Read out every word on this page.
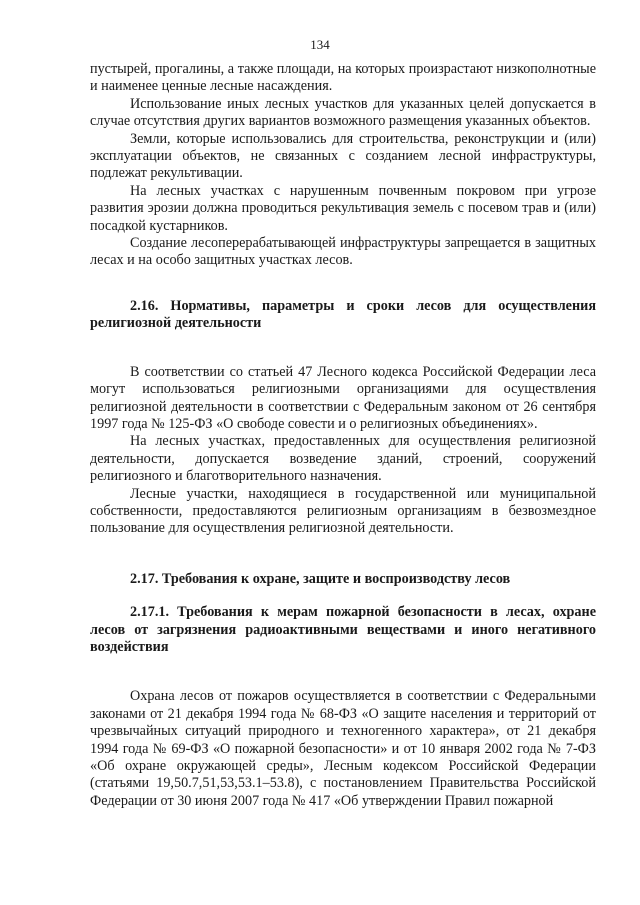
134

пустырей, прогалины, а также площади, на которых произрастают низкополнотные и наименее ценные лесные насаждения.

Использование иных лесных участков для указанных целей допускается в случае отсутствия других вариантов возможного размещения указанных объектов.

Земли, которые использовались для строительства, реконструкции и (или) эксплуатации объектов, не связанных с созданием лесной инфраструктуры, подлежат рекультивации.

На лесных участках с нарушенным почвенным покровом при угрозе развития эрозии должна проводиться рекультивация земель с посевом трав и (или) посадкой кустарников.

Создание лесоперерабатывающей инфраструктуры запрещается в защитных лесах и на особо защитных участках лесов.

2.16. Нормативы, параметры и сроки лесов для осуществления религиозной деятельности

В соответствии со статьей 47 Лесного кодекса Российской Федерации леса могут использоваться религиозными организациями для осуществления религиозной деятельности в соответствии с Федеральным законом от 26 сентября 1997 года № 125-ФЗ «О свободе совести и о религиозных объединениях».

На лесных участках, предоставленных для осуществления религиозной деятельности, допускается возведение зданий, строений, сооружений религиозного и благотворительного назначения.

Лесные участки, находящиеся в государственной или муниципальной собственности, предоставляются религиозным организациям в безвозмездное пользование для осуществления религиозной деятельности.

2.17. Требования к охране, защите и воспроизводству лесов
2.17.1. Требования к мерам пожарной безопасности в лесах, охране лесов от загрязнения радиоактивными веществами и иного негативного воздействия

Охрана лесов от пожаров осуществляется в соответствии с Федеральными законами от 21 декабря 1994 года № 68-ФЗ «О защите населения и территорий от чрезвычайных ситуаций природного и техногенного характера», от 21 декабря 1994 года № 69-ФЗ «О пожарной безопасности» и от 10 января 2002 года № 7-ФЗ «Об охране окружающей среды», Лесным кодексом Российской Федерации (статьями 19,50.7,51,53,53.1–53.8), с постановлением Правительства Российской Федерации от 30 июня 2007 года № 417 «Об утверждении Правил пожарной
